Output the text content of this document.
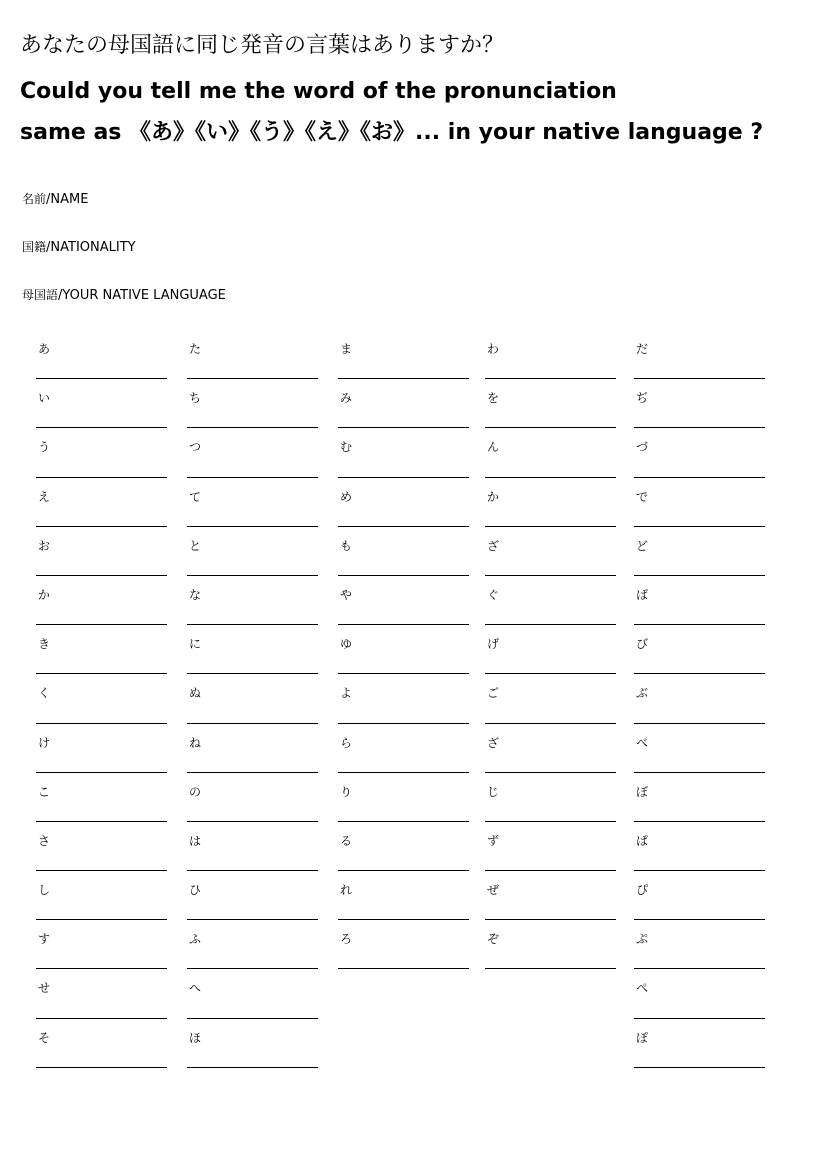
あなたの母国語に同じ発音の言葉はありますか？
Could you tell me the word of the pronunciation
same as 《あ》《い》《う》《え》《お》... in your native language ?
名前/NAME
国籍/NATIONALITY
母国語/YOUR NATIVE LANGUAGE
あ
い
う
え
お
か
き
く
け
こ
さ
し
す
せ
そ
た
ち
つ
て
と
な
に
ぬ
ね
の
は
ひ
ふ
へ
ほ
ま
み
む
め
も
や
ゆ
よ
ら
り
る
れ
ろ
わ
を
ん
か
ざ
ぐ
げ
ご
ざ
じ
ず
ぜ
ぞ
だ
ぢ
づ
で
ど
ば
び
ぶ
べ
ぼ
ぱ
ぴ
ぷ
ぺ
ぽ
